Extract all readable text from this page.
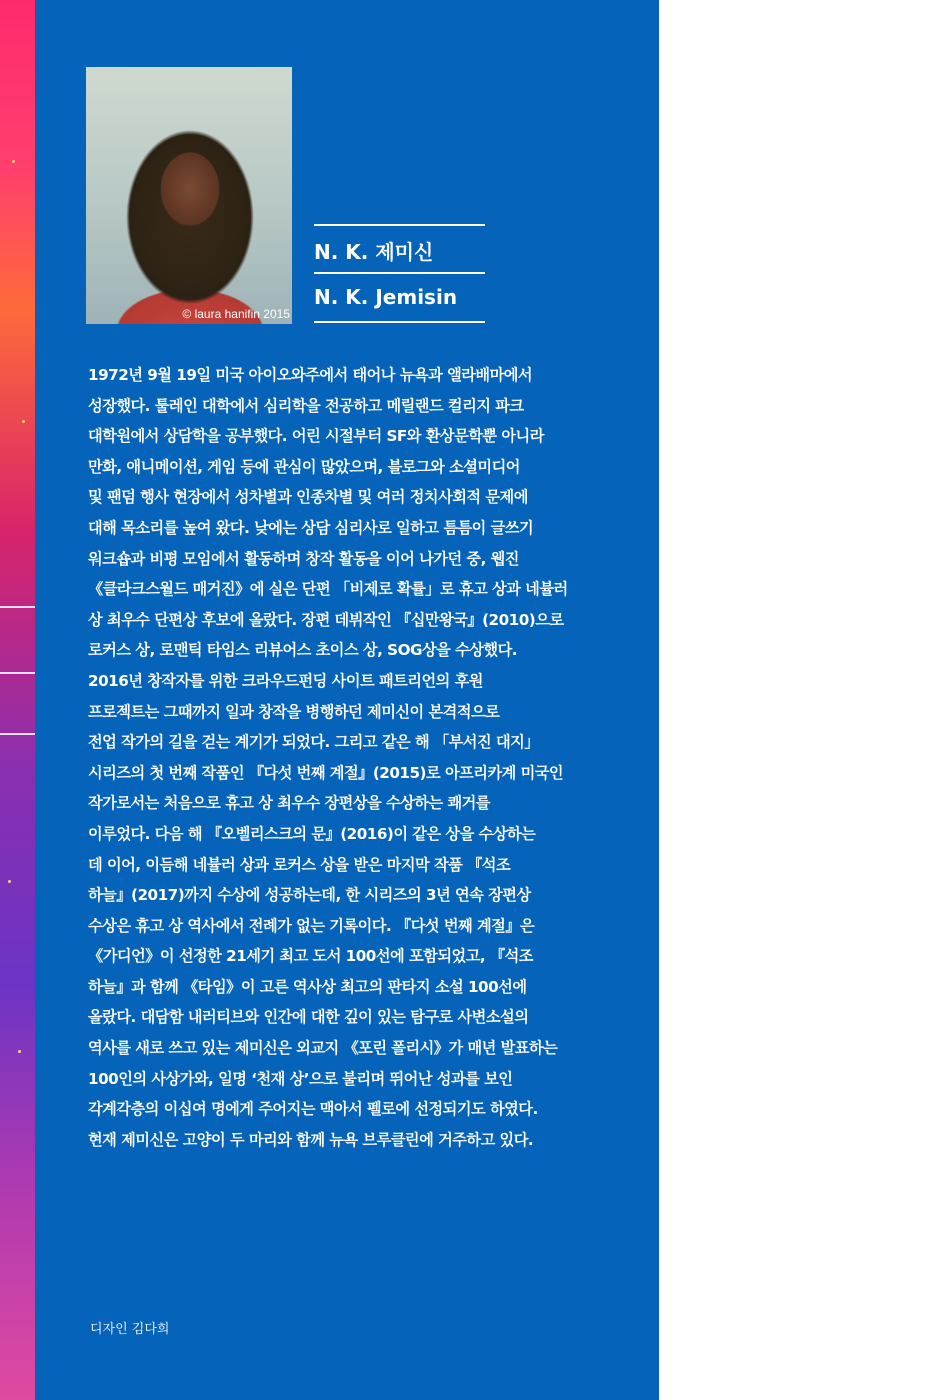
© laura hanifin 2015
N. K. 제미신
N. K. Jemisin
1972년 9월 19일 미국 아이오와주에서 태어나 뉴욕과 앨라배마에서
성장했다. 툴레인 대학에서 심리학을 전공하고 메릴랜드 컬리지 파크
대학원에서 상담학을 공부했다. 어린 시절부터 SF와 환상문학뿐 아니라
만화, 애니메이션, 게임 등에 관심이 많았으며, 블로그와 소셜미디어
및 팬덤 행사 현장에서 성차별과 인종차별 및 여러 정치사회적 문제에
대해 목소리를 높여 왔다. 낮에는 상담 심리사로 일하고 틈틈이 글쓰기
워크숍과 비평 모임에서 활동하며 창작 활동을 이어 나가던 중, 웹진
《클라크스월드 매거진》에 실은 단편 「비제로 확률」로 휴고 상과 네뷸러
상 최우수 단편상 후보에 올랐다. 장편 데뷔작인 『십만왕국』(2010)으로
로커스 상, 로맨틱 타임스 리뷰어스 초이스 상, SOG상을 수상했다.
2016년 창작자를 위한 크라우드펀딩 사이트 패트리언의 후원
프로젝트는 그때까지 일과 창작을 병행하던 제미신이 본격적으로
전업 작가의 길을 걷는 계기가 되었다. 그리고 같은 해 「부서진 대지」
시리즈의 첫 번째 작품인 『다섯 번째 계절』(2015)로 아프리카계 미국인
작가로서는 처음으로 휴고 상 최우수 장편상을 수상하는 쾌거를
이루었다. 다음 해 『오벨리스크의 문』(2016)이 같은 상을 수상하는
데 이어, 이듬해 네뷸러 상과 로커스 상을 받은 마지막 작품 『석조
하늘』(2017)까지 수상에 성공하는데, 한 시리즈의 3년 연속 장편상
수상은 휴고 상 역사에서 전례가 없는 기록이다. 『다섯 번째 계절』은
《가디언》이 선정한 21세기 최고 도서 100선에 포함되었고, 『석조
하늘』과 함께 《타임》이 고른 역사상 최고의 판타지 소설 100선에
올랐다. 대담함 내러티브와 인간에 대한 깊이 있는 탐구로 사변소설의
역사를 새로 쓰고 있는 제미신은 외교지 《포린 폴리시》가 매년 발표하는
100인의 사상가와, 일명 ‘천재 상’으로 불리며 뛰어난 성과를 보인
각계각층의 이십여 명에게 주어지는 맥아서 펠로에 선정되기도 하였다.
현재 제미신은 고양이 두 마리와 함께 뉴욕 브루클린에 거주하고 있다.
디자인 김다희
